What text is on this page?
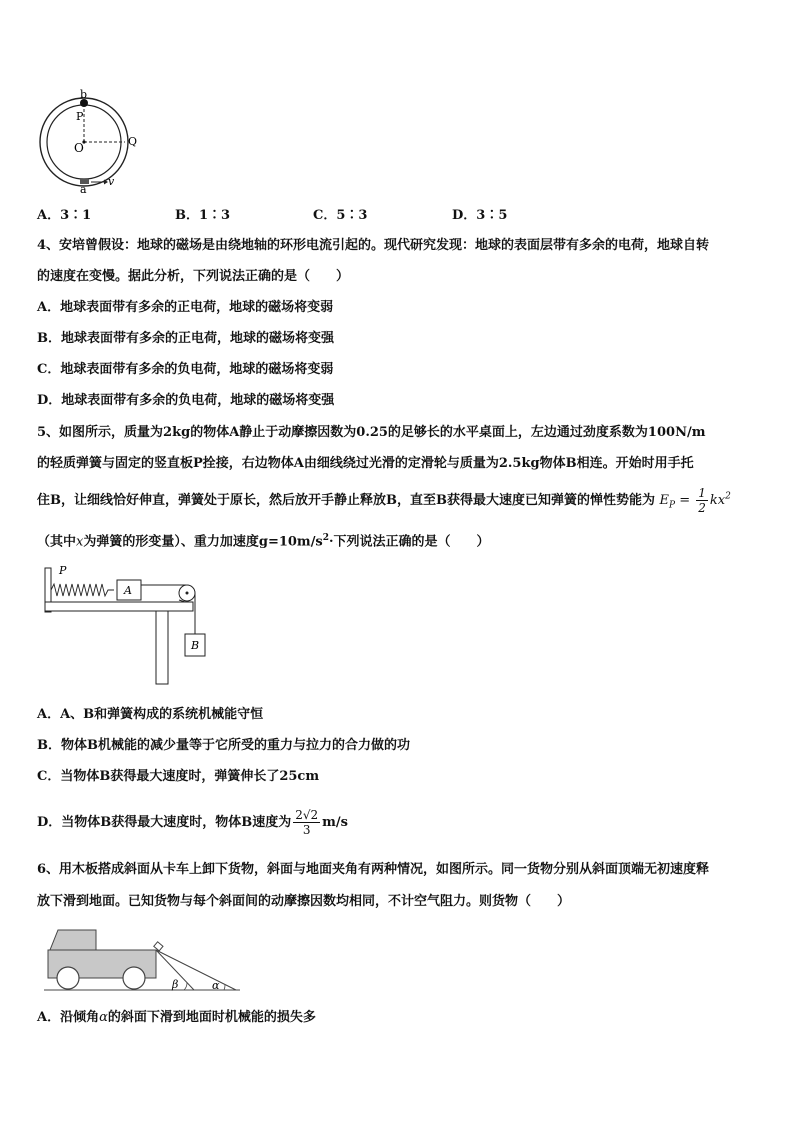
b
P
O	Q
a
v
A．3∶1	B．1∶3	C．5∶3	D．3∶5
4、安培曾假设：地球的磁场是由绕地轴的环形电流引起的。现代研究发现：地球的表面层带有多余的电荷，地球自转
的速度在变慢。据此分析，下列说法正确的是（　　）
A．地球表面带有多余的正电荷，地球的磁场将变弱
B．地球表面带有多余的正电荷，地球的磁场将变强
C．地球表面带有多余的负电荷，地球的磁场将变弱
D．地球表面带有多余的负电荷，地球的磁场将变强
5、如图所示，质量为2kg的物体A静止于动摩擦因数为0.25的足够长的水平桌面上，左边通过劲度系数为100N/m
的轻质弹簧与固定的竖直板P拴接，右边物体A由细线绕过光滑的定滑轮与质量为2.5kg物体B相连。开始时用手托
住B，让细线恰好伸直，弹簧处于原长，然后放开手静止释放B，直至B获得最大速度已知弹簧的惮性势能为 $E_P = \frac{1}{2} kx^2$
（其中x为弹簧的形变量）、重力加速度$g=10m/s^2\cdot$下列说法正确的是（　　）
P
A
B
A．A、B和弹簧构成的系统机械能守恒
B．物体B机械能的减少量等于它所受的重力与拉力的合力做的功
C．当物体B获得最大速度时，弹簧伸长了25cm
D．当物体B获得最大速度时，物体B速度为 $\frac{2√2}{3} m/s$
6、用木板搭成斜面从卡车上卸下货物，斜面与地面夹角有两种情况，如图所示。同一货物分别从斜面顶端无初速度释
放下滑到地面。已知货物与每个斜面间的动摩擦因数均相同，不计空气阻力。则货物（　　）
β	α
A．沿倾角α的斜面下滑到地面时机械能的损失多
